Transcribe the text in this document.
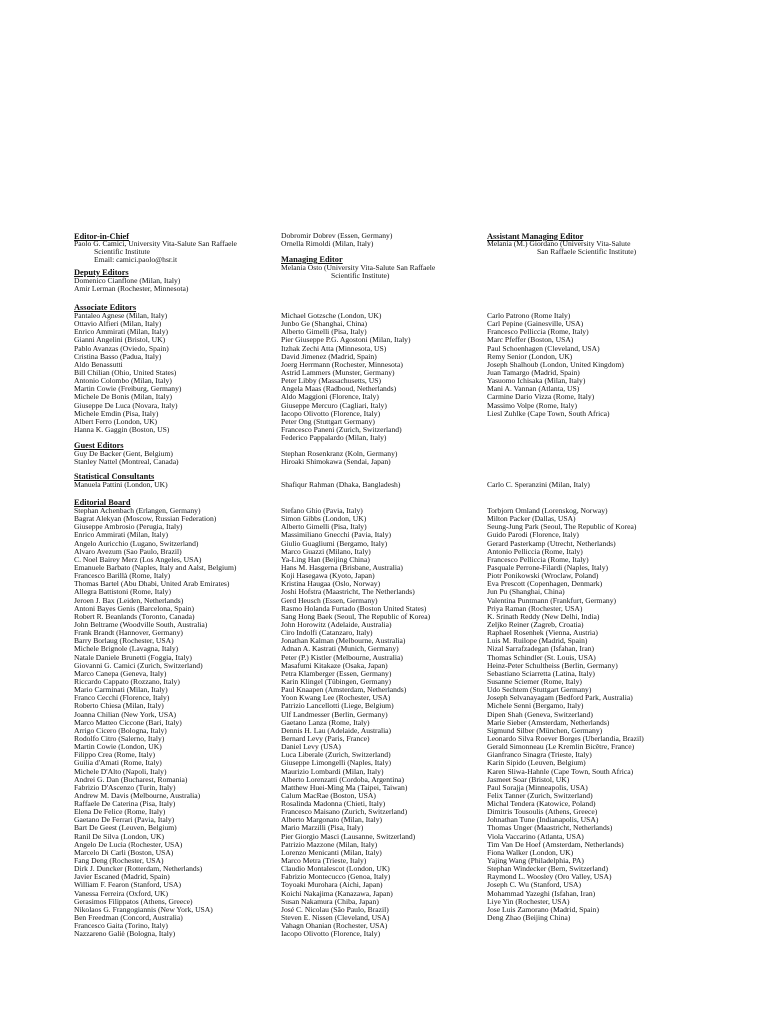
Editor-in-Chief
Paolo G. Camici, University Vita-Salute San Raffaele
Scientific Institute
Email: camici.paolo@hsr.it
Deputy Editors
Domenico Cianflone (Milan, Italy)
Amir Lerman (Rochester, Minnesota)
Dobromir Dobrev (Essen, Germany)
Ornella Rimoldi (Milan, Italy)
Managing Editor
Melania Osto (University Vita-Salute San Raffaele
Scientific Institute)
Assistant Managing Editor
Melania (M.) Giordano (University Vita-Salute
San Raffaele Scientific Institute)
Associate Editors
Pantaleo Agnese (Milan, Italy)
Ottavio Alfieri (Milan, Italy)
Enrico Ammirati (Milan, Italy)
Gianni Angelini (Bristol, UK)
Pablo Avanzas (Oviedo, Spain)
Cristina Basso (Padua, Italy)
Aldo Benassutti
Bill Chilian (Ohio, United States)
Antonio Colombo (Milan, Italy)
Martin Cowie (Freiburg, Germany)
Michele De Bonis (Milan, Italy)
Giuseppe De Luca (Novara, Italy)
Michele Emdin (Pisa, Italy)
Albert Ferro (London, UK)
Hanna K. Gaggin (Boston, US)
Michael Gotzsche (London, UK)
Junbo Ge (Shanghai, China)
Alberto Gimelli (Pisa, Italy)
Pier Giuseppe P.G. Agostoni (Milan, Italy)
Itzhak Zechi Atta (Minnesota, US)
David Jimenez (Madrid, Spain)
Joerg Herrmann (Rochester, Minnesota)
Astrid Lammers (Munster, Germany)
Peter Libby (Massachusetts, US)
Angela Maas (Radboud, Netherlands)
Aldo Maggioni (Florence, Italy)
Giuseppe Mercuro (Cagliari, Italy)
Iacopo Olivotto (Florence, Italy)
Peter Ong (Stuttgart Germany)
Francesco Paneni (Zurich, Switzerland)
Federico Pappalardo (Milan, Italy)
Carlo Patrono (Rome Italy)
Carl Pepine (Gainesville, USA)
Francesco Pelliccia (Rome, Italy)
Marc Pfeffer (Boston, USA)
Paul Schoenhagen (Cleveland, USA)
Remy Senior (London, UK)
Joseph Shalhoub (London, United Kingdom)
Juan Tamargo (Madrid, Spain)
Yasuomo Ichisaka (Milan, Italy)
Mani A. Vannan (Atlanta, US)
Carmine Dario Vizza (Rome, Italy)
Massimo Volpe (Rome, Italy)
Liesl Zuhlke (Cape Town, South Africa)
Guest Editors
Guy De Backer (Gent, Belgium)
Stanley Nattel (Montreal, Canada)
Stephan Rosenkranz (Koln, Germany)
Hiroaki Shimokawa (Sendai, Japan)
Statistical Consultants
Manuela Pattini (London, UK)	Shafiqur Rahman (Dhaka, Bangladesh)	Carlo C. Speranzini (Milan, Italy)
Editorial Board
Stephan Achenbach (Erlangen, Germany)
Bagrat Alekyan (Moscow, Russian Federation)
Giuseppe Ambrosio (Perugia, Italy)
Enrico Ammirati (Milan, Italy)
Angelo Auricchio (Lugano, Switzerland)
Alvaro Avezum (Sao Paulo, Brazil)
C. Noel Bairey Merz (Los Angeles, USA)
Emanuele Barbato (Naples, Italy and Aalst, Belgium)
Francesco Barillà (Rome, Italy)
Thomas Bartel (Abu Dhabi, United Arab Emirates)
Allegra Battistoni (Rome, Italy)
Jeroen J. Bax (Leiden, Netherlands)
Antoni Bayes Genis (Barcelona, Spain)
Robert R. Beanlands (Toronto, Canada)
John Beltrame (Woodville South, Australia)
Frank Brandt (Hannover, Germany)
Barry Borlaug (Rochester, USA)
Michele Brignole (Lavagna, Italy)
Natale Daniele Brunetti (Foggia, Italy)
Giovanni G. Camici (Zurich, Switzerland)
Marco Canepa (Geneva, Italy)
Riccardo Cappato (Rozzano, Italy)
Mario Carminati (Milan, Italy)
Franco Cecchi (Florence, Italy)
Roberto Chiesa (Milan, Italy)
Joanna Chilian (New York, USA)
Marco Matteo Ciccone (Bari, Italy)
Arrigo Cicero (Bologna, Italy)
Rodolfo Citro (Salerno, Italy)
Martin Cowie (London, UK)
Filippo Crea (Rome, Italy)
Guilia d'Amati (Rome, Italy)
Michele D'Alto (Napoli, Italy)
Andrei G. Dan (Bucharest, Romania)
Fabrizio D'Ascenzo (Turin, Italy)
Andrew M. Davis (Melbourne, Australia)
Raffaele De Caterina (Pisa, Italy)
Elena De Felice (Rome, Italy)
Gaetano De Ferrari (Pavia, Italy)
Bart De Geest (Leuven, Belgium)
Ranil De Silva (London, UK)
Angelo De Lucia (Rochester, USA)
Marcelo Di Carli (Boston, USA)
Fang Deng (Rochester, USA)
Dirk J. Duncker (Rotterdam, Netherlands)
Javier Escaned (Madrid, Spain)
William F. Fearon (Stanford, USA)
Vanessa Ferreira (Oxford, UK)
Gerasimos Filippatos (Athens, Greece)
Nikolaos G. Frangogiannis (New York, USA)
Ben Freedman (Concord, Australia)
Francesco Gaita (Torino, Italy)
Nazzareno Galiè (Bologna, Italy)
Stefano Ghio (Pavia, Italy)
Simon Gibbs (London, UK)
Alberto Gimelli (Pisa, Italy)
Massimiliano Gnecchi (Pavia, Italy)
Giulio Guagliumi (Bergamo, Italy)
Marco Guazzi (Milano, Italy)
Ya-Ling Han (Beijing China)
Hans M. Hasgerna (Brisbane, Australia)
Koji Hasegawa (Kyoto, Japan)
Kristina Haugaa (Oslo, Norway)
Joshi Hofstra (Maastricht, The Netherlands)
Gerd Heusch (Essen, Germany)
Rasmo Holanda Furtado (Boston United States)
Sang Hong Baek (Seoul, The Republic of Korea)
John Horowitz (Adelaide, Australia)
Ciro Indolfi (Catanzaro, Italy)
Jonathan Kalman (Melbourne, Australia)
Adnan A. Kastrati (Munich, Germany)
Peter (P.) Kistler (Melbourne, Australia)
Masafumi Kitakaze (Osaka, Japan)
Petra Klamberger (Essen, Germany)
Karin Klingel (Tübingen, Germany)
Paul Knaapen (Amsterdam, Netherlands)
Yoon Kwang Lee (Rochester, USA)
Patrizio Lancellotti (Liege, Belgium)
Ulf Landmesser (Berlin, Germany)
Gaetano Lanza (Rome, Italy)
Dennis H. Lau (Adelaide, Australia)
Bernard Levy (Paris, France)
Daniel Levy (USA)
Luca Liberale (Zurich, Switzerland)
Giuseppe Limongelli (Naples, Italy)
Maurizio Lombardi (Milan, Italy)
Alberto Lorenzatti (Cordoba, Argentina)
Matthew Huei-Ming Ma (Taipei, Taiwan)
Calum MacRae (Boston, USA)
Rosalinda Madonna (Chieti, Italy)
Francesco Maisano (Zurich, Switzerland)
Alberto Margonato (Milan, Italy)
Mario Marzilli (Pisa, Italy)
Pier Giorgio Masci (Lausanne, Switzerland)
Patrizio Mazzone (Milan, Italy)
Lorenzo Menicanti (Milan, Italy)
Marco Metra (Trieste, Italy)
Claudio Montalescot (London, UK)
Fabrizio Montecucco (Genoa, Italy)
Toyoaki Murohara (Aichi, Japan)
Koichi Nakajima (Kanazawa, Japan)
Susan Nakamura (Chiba, Japan)
José C. Nicolau (São Paulo, Brazil)
Steven E. Nissen (Cleveland, USA)
Vahagn Ohanian (Rochester, USA)
Iacopo Olivotto (Florence, Italy)
Torbjorn Omland (Lorenskog, Norway)
Milton Packer (Dallas, USA)
Seung-Jung Park (Seoul, The Republic of Korea)
Guido Parodi (Florence, Italy)
Gerard Pasterkamp (Utrecht, Netherlands)
Antonio Pelliccia (Rome, Italy)
Francesco Pelliccia (Rome, Italy)
Pasquale Perrone-Filardi (Naples, Italy)
Piotr Ponikowski (Wroclaw, Poland)
Eva Prescott (Copenhagen, Denmark)
Jun Pu (Shanghai, China)
Valentina Puntmann (Frankfurt, Germany)
Priya Raman (Rochester, USA)
K. Srinath Reddy (New Delhi, India)
Zeljko Reiner (Zagreb, Croatia)
Raphael Rosenhek (Vienna, Austria)
Luis M. Ruilope (Madrid, Spain)
Nizal Sarrafzadegan (Isfahan, Iran)
Thomas Schindler (St. Louis, USA)
Heinz-Peter Schultheiss (Berlin, Germany)
Sebastiano Sciarretta (Latina, Italy)
Susanne Sciemer (Rome, Italy)
Udo Sechtem (Stuttgart Germany)
Joseph Selvanayagam (Bedford Park, Australia)
Michele Senni (Bergamo, Italy)
Dipen Shah (Geneva, Switzerland)
Marie Sieber (Amsterdam, Netherlands)
Sigmund Silber (München, Germany)
Leonardo Silva Roever Borges (Uberlandia, Brazil)
Gerald Simonneau (Le Kremlin Bicêtre, France)
Gianfranco Sinagra (Trieste, Italy)
Karin Sipido (Leuven, Belgium)
Karen Sliwa-Hahnle (Cape Town, South Africa)
Jasmeet Soar (Bristol, UK)
Paul Sorajja (Minneapolis, USA)
Felix Tanner (Zurich, Switzerland)
Michal Tendera (Katowice, Poland)
Dimitris Tousoulis (Athens, Greece)
Johnathan Tune (Indianapolis, USA)
Thomas Unger (Maastricht, Netherlands)
Viola Vaccarino (Atlanta, USA)
Tim Van De Hoef (Amsterdam, Netherlands)
Fiona Walker (London, UK)
Yajing Wang (Philadelphia, PA)
Stephan Windecker (Bern, Switzerland)
Raymond L. Woosley (Oro Valley, USA)
Joseph C. Wu (Stanford, USA)
Mohammad Yazeghi (Isfahan, Iran)
Liye Yin (Rochester, USA)
Jose Luis Zamorano (Madrid, Spain)
Deng Zhao (Beijing China)
